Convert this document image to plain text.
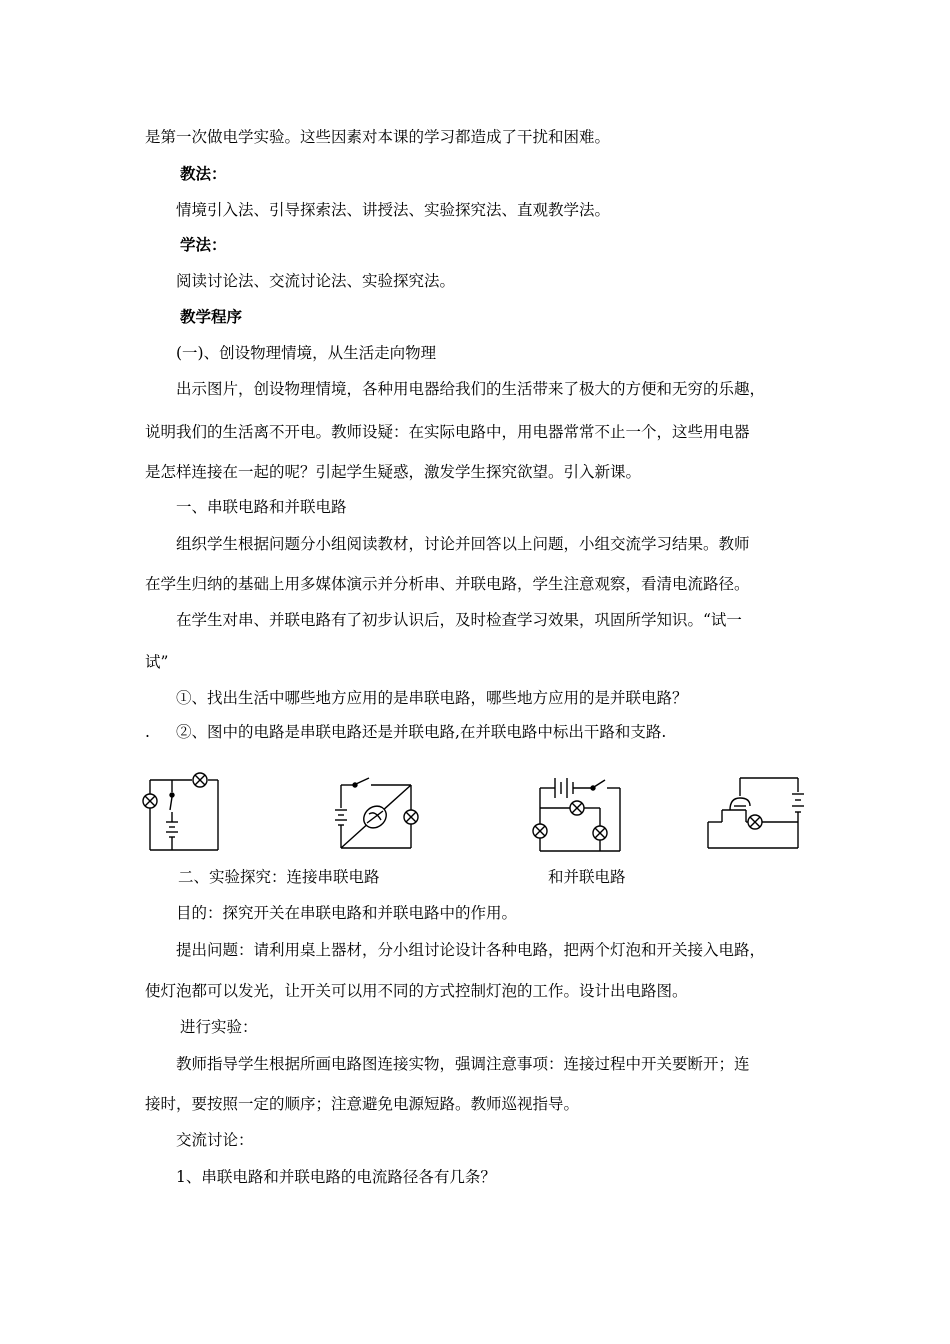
是第一次做电学实验。这些因素对本课的学习都造成了干扰和困难。
教法：
情境引入法、引导探索法、讲授法、实验探究法、直观教学法。
学法：
阅读讨论法、交流讨论法、实验探究法。
教学程序
(一)、创设物理情境，从生活走向物理
出示图片，创设物理情境，各种用电器给我们的生活带来了极大的方便和无穷的乐趣，
说明我们的生活离不开电。教师设疑：在实际电路中，用电器常常不止一个，这些用电器
是怎样连接在一起的呢？引起学生疑惑，激发学生探究欲望。引入新课。
一、串联电路和并联电路
组织学生根据问题分小组阅读教材，讨论并回答以上问题，小组交流学习结果。教师
在学生归纳的基础上用多媒体演示并分析串、并联电路，学生注意观察，看清电流路径。
在学生对串、并联电路有了初步认识后，及时检查学习效果，巩固所学知识。“试一
试”
①、找出生活中哪些地方应用的是串联电路，哪些地方应用的是并联电路？
. ②、图中的电路是串联电路还是并联电路,在并联电路中标出干路和支路.
二、实验探究：连接串联电路	和并联电路
目的：探究开关在串联电路和并联电路中的作用。
提出问题：请利用桌上器材，分小组讨论设计各种电路，把两个灯泡和开关接入电路，
使灯泡都可以发光，让开关可以用不同的方式控制灯泡的工作。设计出电路图。
进行实验：
教师指导学生根据所画电路图连接实物，强调注意事项：连接过程中开关要断开；连
接时，要按照一定的顺序；注意避免电源短路。教师巡视指导。
交流讨论：
1、串联电路和并联电路的电流路径各有几条？
